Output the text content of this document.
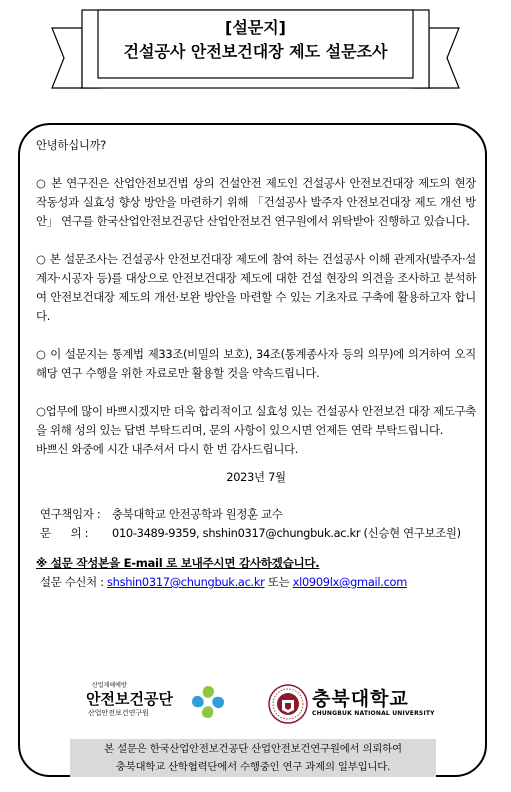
[설문지]
건설공사 안전보건대장 제도 설문조사

안녕하십니까?

○ 본 연구진은 산업안전보건법 상의 건설안전 제도인 건설공사 안전보건대장 제도의 현장 작동성과 실효성 향상 방안을 마련하기 위해 「건설공사 발주자 안전보건대장 제도 개선 방안」 연구를 한국산업안전보건공단 산업안전보건 연구원에서 위탁받아 진행하고 있습니다.

○ 본 설문조사는 건설공사 안전보건대장 제도에 참여 하는 건설공사 이해 관계자(발주자·설계자·시공자 등)를 대상으로 안전보건대장 제도에 대한 건설 현장의 의견을 조사하고 분석하여 안전보건대장 제도의 개선·보완 방안을 마련할 수 있는 기초자료 구축에 활용하고자 합니다.

○ 이 설문지는 통계법 제33조(비밀의 보호), 34조(통계종사자 등의 의무)에 의거하여 오직 해당 연구 수행을 위한 자료로만 활용할 것을 약속드립니다.

○업무에 많이 바쁘시겠지만 더욱 합리적이고 실효성 있는 건설공사 안전보건 대장 제도구축을 위해 성의 있는 답변 부탁드리며, 문의 사항이 있으시면 언제든 연락 부탁드립니다.

바쁘신 와중에 시간 내주셔서 다시 한 번 감사드립니다.

2023년 7월

연구책임자 :	충북대학교 안전공학과 원정훈 교수
문      의 :	010-3489-9359, shshin0317@chungbuk.ac.kr (신승현 연구보조원)

※ 설문 작성본을 E-mail 로 보내주시면 감사하겠습니다.

설문 수신처 : shshin0317@chungbuk.ac.kr 또는 xl0909lx@gmail.com

산업재해예방
안전보건공단
산업안전보건연구원
충북대학교
CHUNGBUK NATIONAL UNIVERSITY
본 설문은 한국산업안전보건공단 산업안전보건연구원에서 의뢰하여
충북대학교 산학협력단에서 수행중인 연구 과제의 일부입니다.
